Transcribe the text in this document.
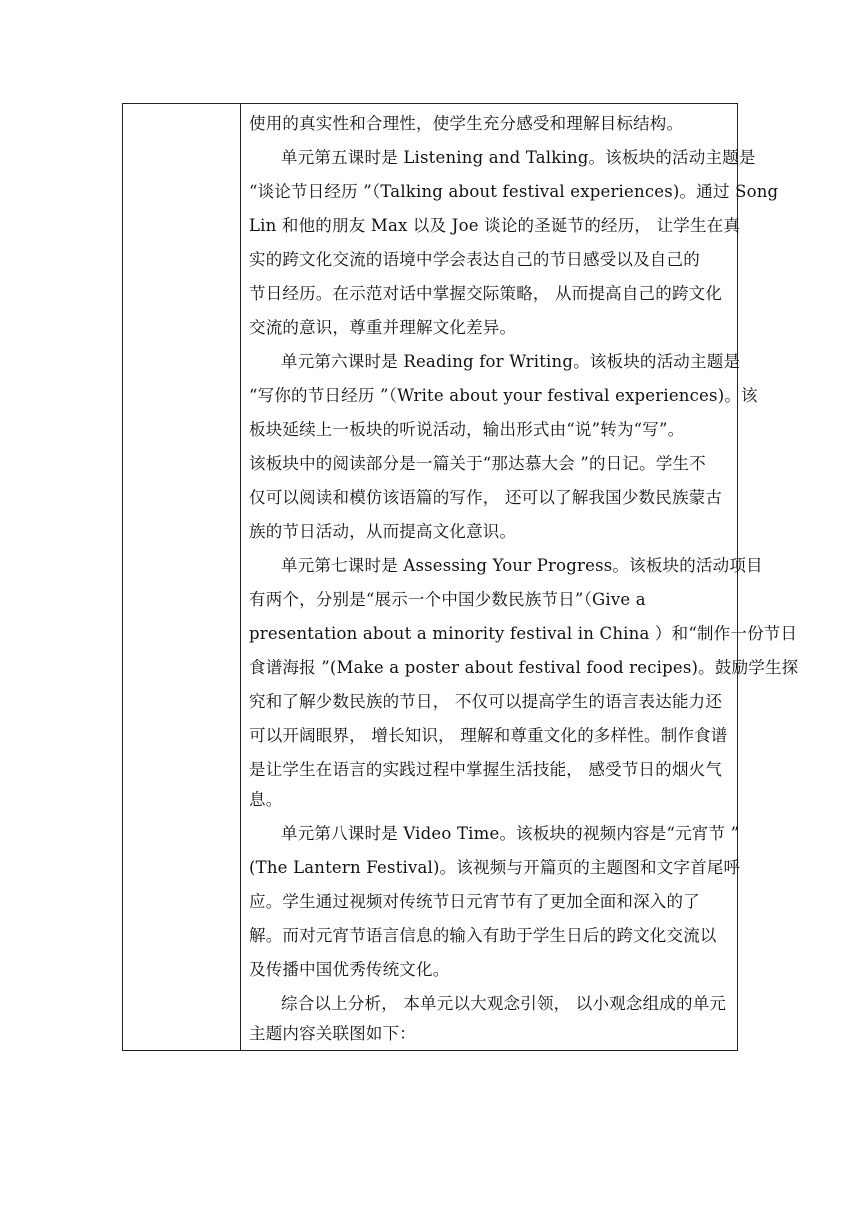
使用的真实性和合理性，使学生充分感受和理解目标结构。
单元第五课时是 Listening and Talking。该板块的活动主题是
“谈论节日经历 ”（Talking about festival experiences)。通过 Song
Lin 和他的朋友 Max 以及 Joe 谈论的圣诞节的经历， 让学生在真
实的跨文化交流的语境中学会表达自己的节日感受以及自己的
节日经历。在示范对话中掌握交际策略， 从而提高自己的跨文化
交流的意识，尊重并理解文化差异。
单元第六课时是 Reading for Writing。该板块的活动主题是
“写你的节日经历 ”（Write about your festival experiences)。该
板块延续上一板块的听说活动，输出形式由“说”转为“写”。
该板块中的阅读部分是一篇关于“那达慕大会 ”的日记。学生不
仅可以阅读和模仿该语篇的写作， 还可以了解我国少数民族蒙古
族的节日活动，从而提高文化意识。
单元第七课时是 Assessing Your Progress。该板块的活动项目
有两个，分别是“展示一个中国少数民族节日”（Give a
presentation about a minority festival in China ）和“制作一份节日
食谱海报 ”(Make a poster about festival food recipes)。鼓励学生探
究和了解少数民族的节日， 不仅可以提高学生的语言表达能力还
可以开阔眼界， 增长知识， 理解和尊重文化的多样性。制作食谱
是让学生在语言的实践过程中掌握生活技能， 感受节日的烟火气
息。
单元第八课时是 Video Time。该板块的视频内容是“元宵节 ”
(The Lantern Festival)。该视频与开篇页的主题图和文字首尾呼
应。学生通过视频对传统节日元宵节有了更加全面和深入的了
解。而对元宵节语言信息的输入有助于学生日后的跨文化交流以
及传播中国优秀传统文化。
综合以上分析， 本单元以大观念引领， 以小观念组成的单元
主题内容关联图如下：
